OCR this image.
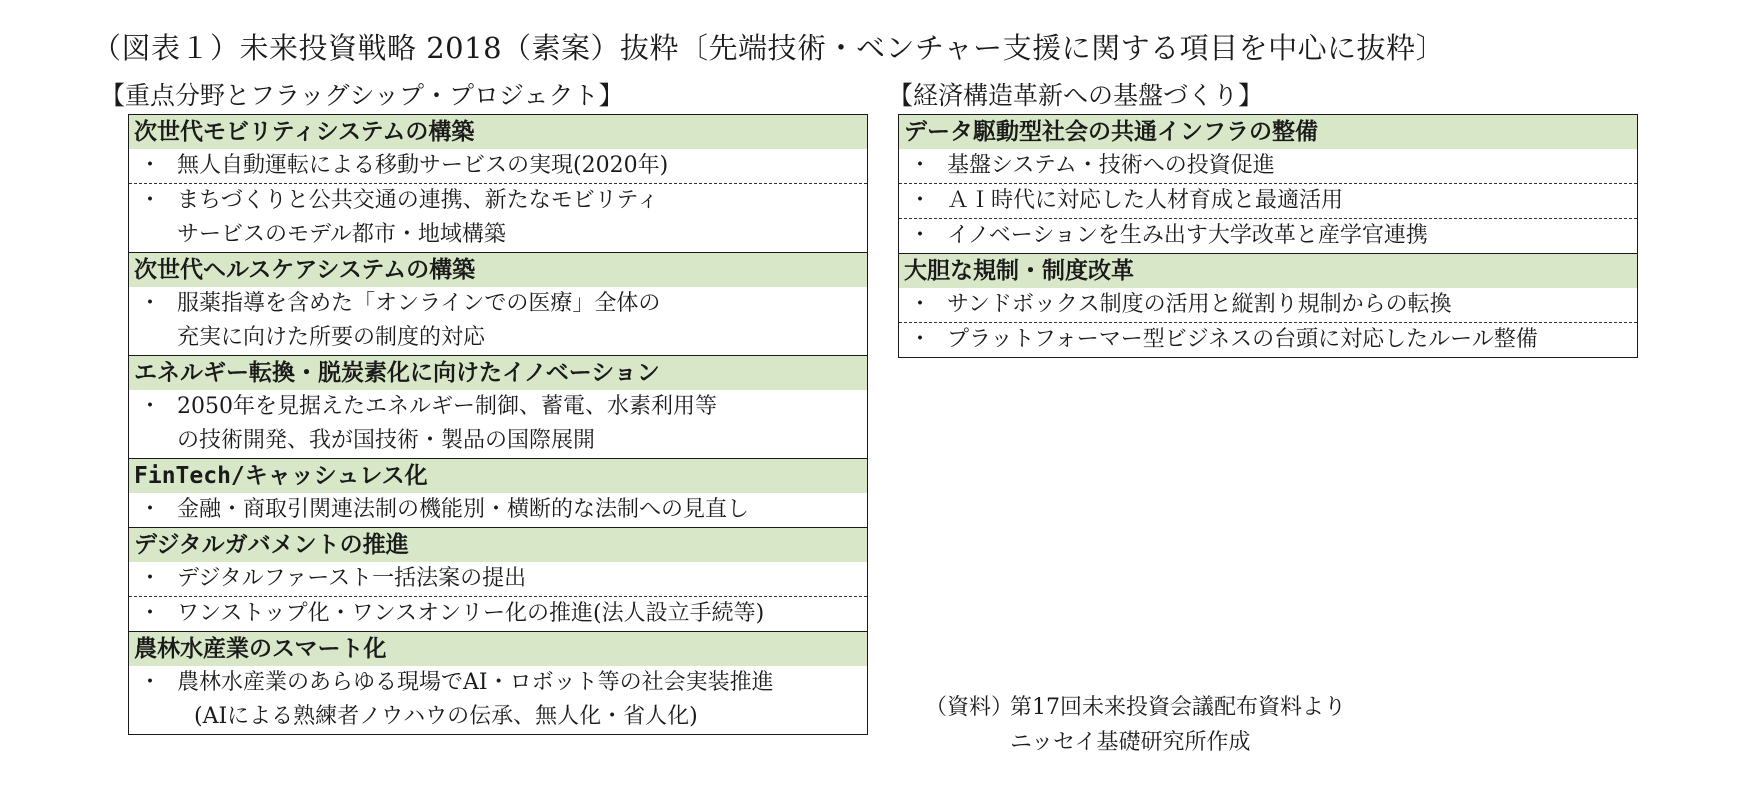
（図表１）未来投資戦略 2018（素案）抜粋〔先端技術・ベンチャー支援に関する項目を中心に抜粋〕
【重点分野とフラッグシップ・プロジェクト】	【経済構造革新への基盤づくり】
次世代モビリティシステムの構築
・ 無人自動運転による移動サービスの実現(2020年)
・ まちづくりと公共交通の連携、新たなモビリティ
サービスのモデル都市・地域構築
次世代ヘルスケアシステムの構築
・ 服薬指導を含めた「オンラインでの医療」全体の
充実に向けた所要の制度的対応
エネルギー転換・脱炭素化に向けたイノベーション
・ 2050年を見据えたエネルギー制御、蓄電、水素利用等
の技術開発、我が国技術・製品の国際展開
FinTech/キャッシュレス化
・ 金融・商取引関連法制の機能別・横断的な法制への見直し
デジタルガバメントの推進
・ デジタルファースト一括法案の提出
・ ワンストップ化・ワンスオンリー化の推進(法人設立手続等)
農林水産業のスマート化
・ 農林水産業のあらゆる現場でAI・ロボット等の社会実装推進
(AIによる熟練者ノウハウの伝承、無人化・省人化)
データ駆動型社会の共通インフラの整備
・ 基盤システム・技術への投資促進
・ ＡＩ時代に対応した人材育成と最適活用
・ イノベーションを生み出す大学改革と産学官連携
大胆な規制・制度改革
・ サンドボックス制度の活用と縦割り規制からの転換
・ プラットフォーマー型ビジネスの台頭に対応したルール整備
（資料）第17回未来投資会議配布資料より
ニッセイ基礎研究所作成
